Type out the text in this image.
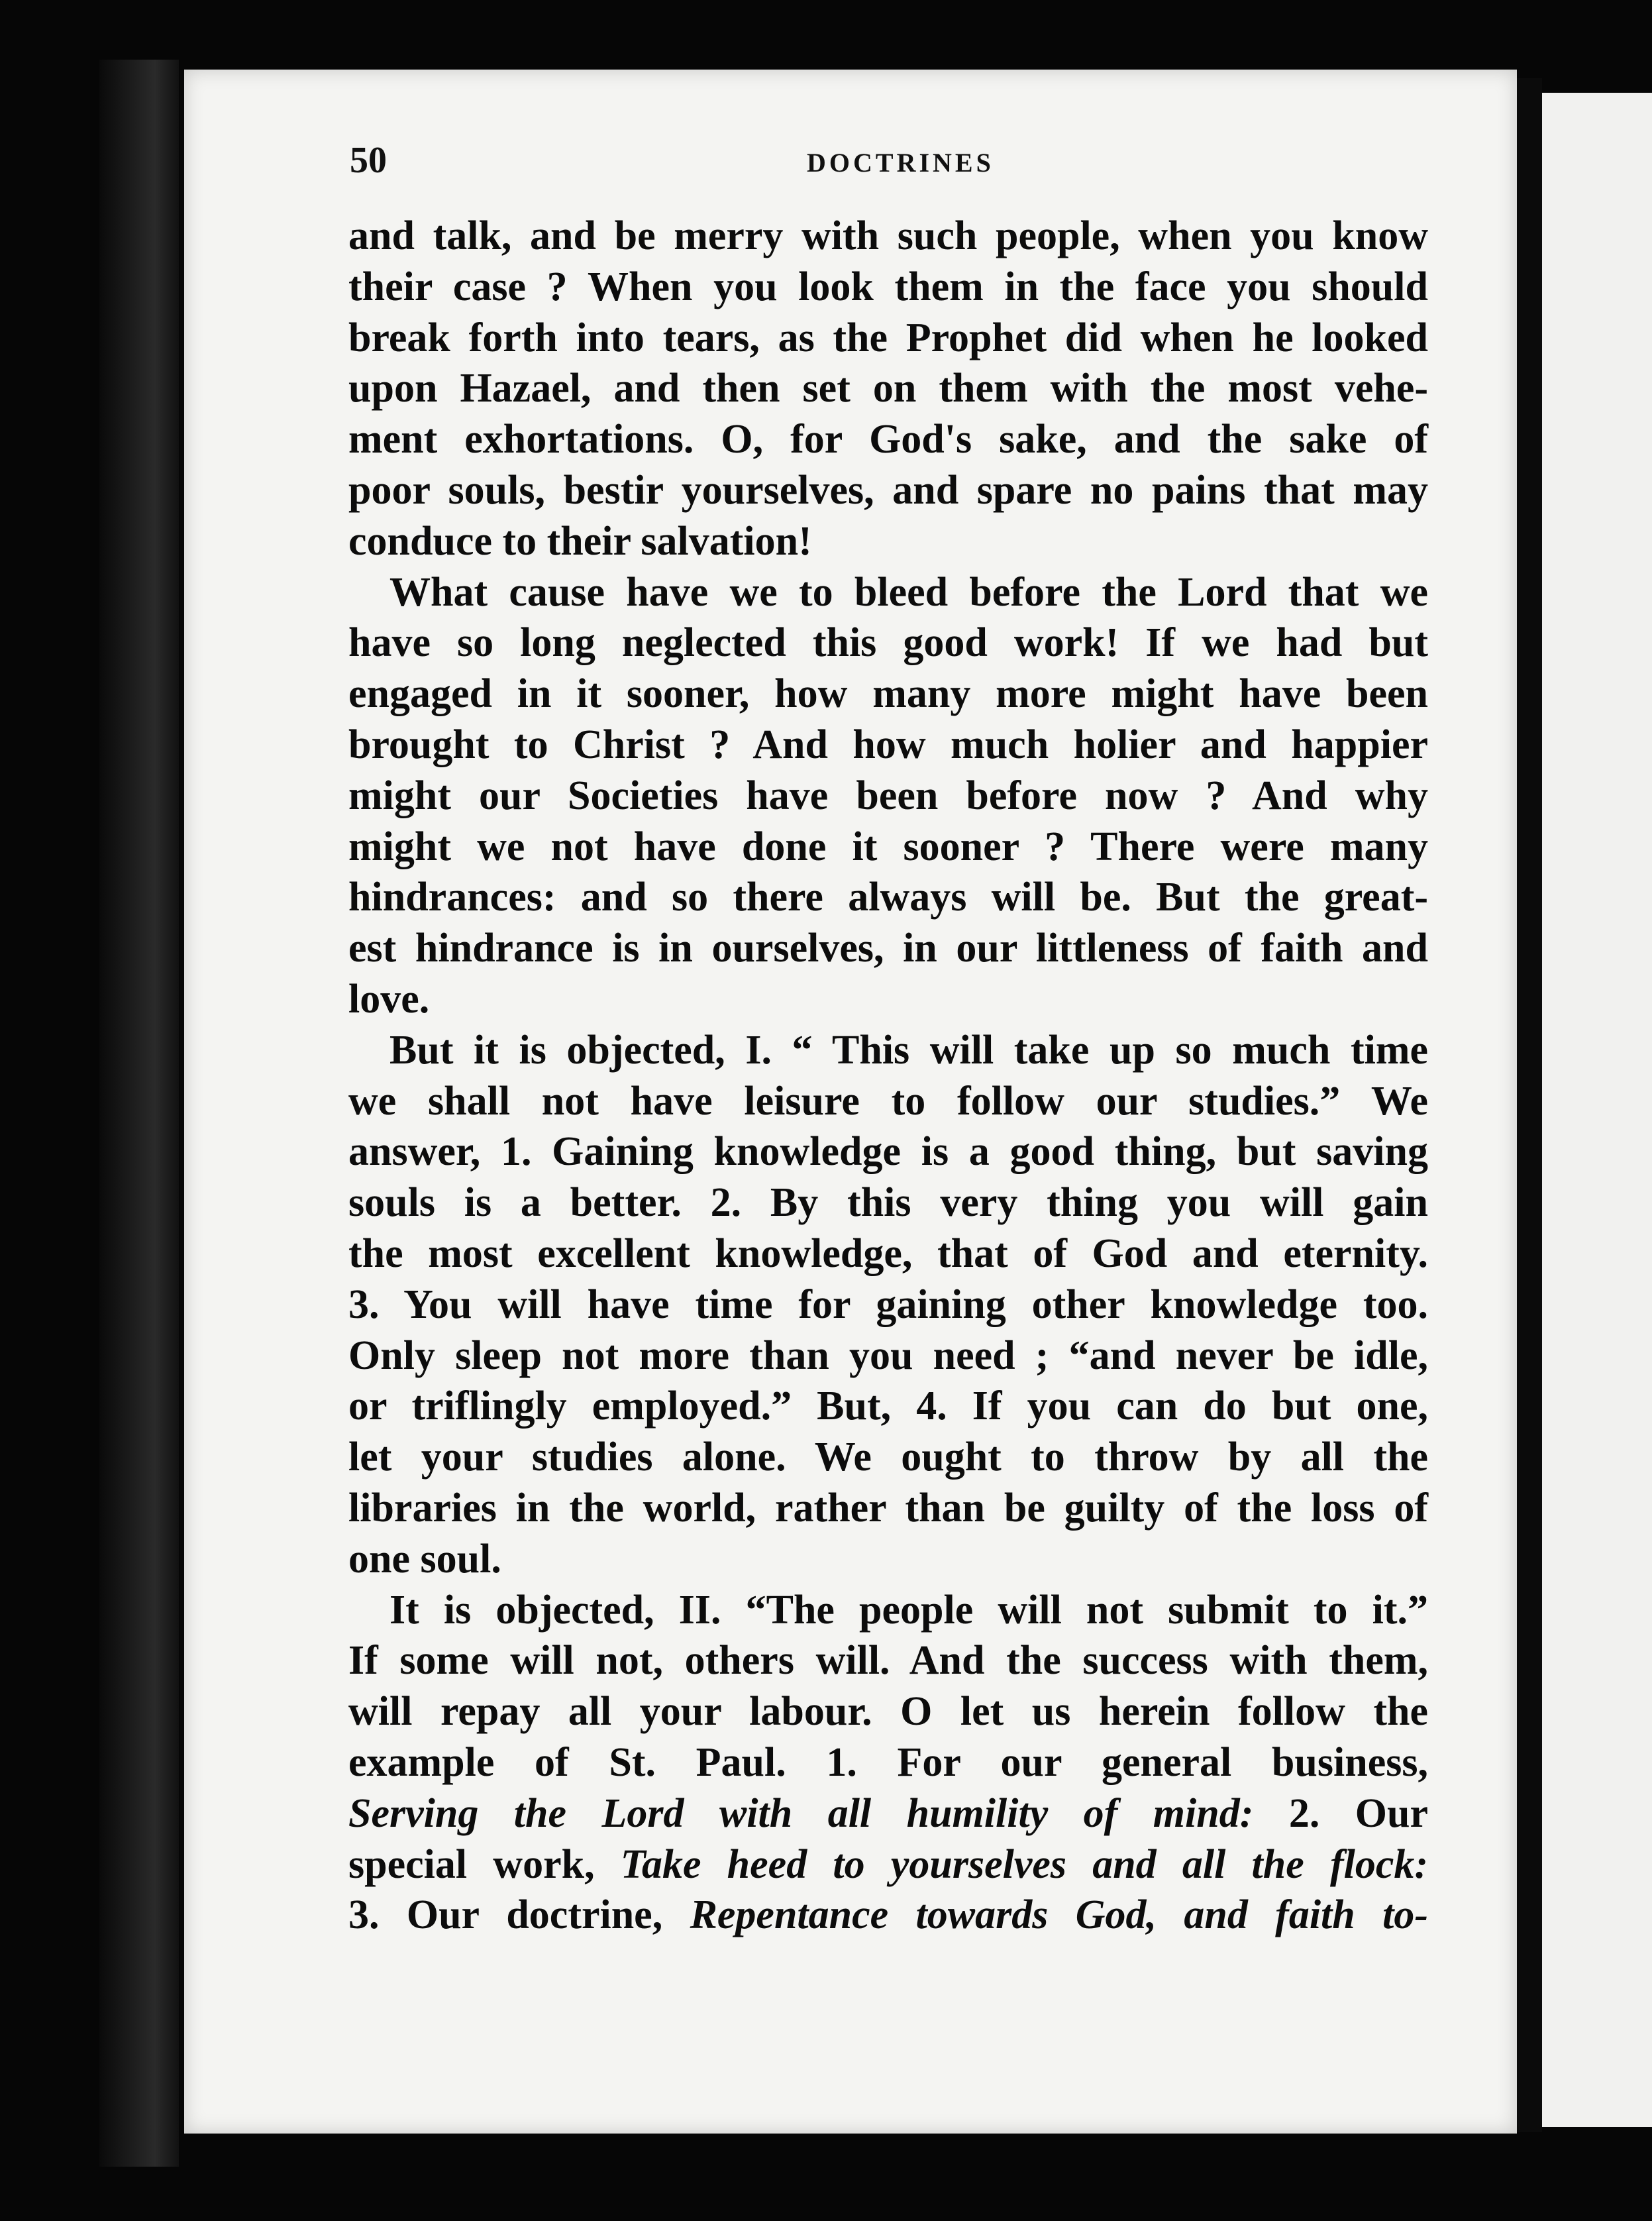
50	DOCTRINES
and talk, and be merry with such people, when you know
their case ? When you look them in the face you should
break forth into tears, as the Prophet did when he looked
upon Hazael, and then set on them with the most vehe-
ment exhortations. O, for God's sake, and the sake of
poor souls, bestir yourselves, and spare no pains that may
conduce to their salvation!
What cause have we to bleed before the Lord that we
have so long neglected this good work! If we had but
engaged in it sooner, how many more might have been
brought to Christ ? And how much holier and happier
might our Societies have been before now ? And why
might we not have done it sooner ? There were many
hindrances: and so there always will be. But the great-
est hindrance is in ourselves, in our littleness of faith and
love.
But it is objected, I. “ This will take up so much time
we shall not have leisure to follow our studies.” We
answer, 1. Gaining knowledge is a good thing, but saving
souls is a better. 2. By this very thing you will gain
the most excellent knowledge, that of God and eternity.
3. You will have time for gaining other knowledge too.
Only sleep not more than you need ; “and never be idle,
or triflingly employed.” But, 4. If you can do but one,
let your studies alone. We ought to throw by all the
libraries in the world, rather than be guilty of the loss of
one soul.
It is objected, II. “The people will not submit to it.”
If some will not, others will. And the success with them,
will repay all your labour. O let us herein follow the
example of St. Paul. 1. For our general business,
Serving the Lord with all humility of mind: 2. Our
special work, Take heed to yourselves and all the flock:
3. Our doctrine, Repentance towards God, and faith to-
